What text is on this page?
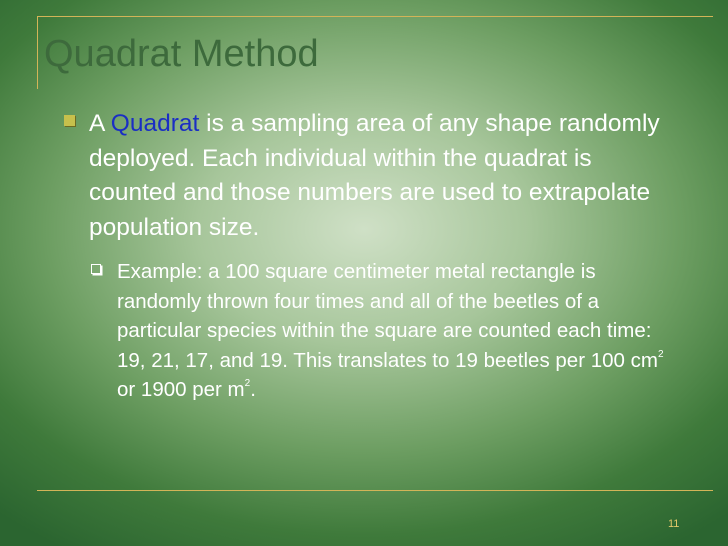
Quadrat Method
A Quadrat is a sampling area of any shape randomly deployed. Each individual within the quadrat is counted and those numbers are used to extrapolate population size.
Example: a 100 square centimeter metal rectangle is randomly thrown four times and all of the beetles of a particular species within the square are counted each time: 19, 21, 17, and 19. This translates to 19 beetles per 100 $cm^2$ or 1900 per $m^2$.
11
